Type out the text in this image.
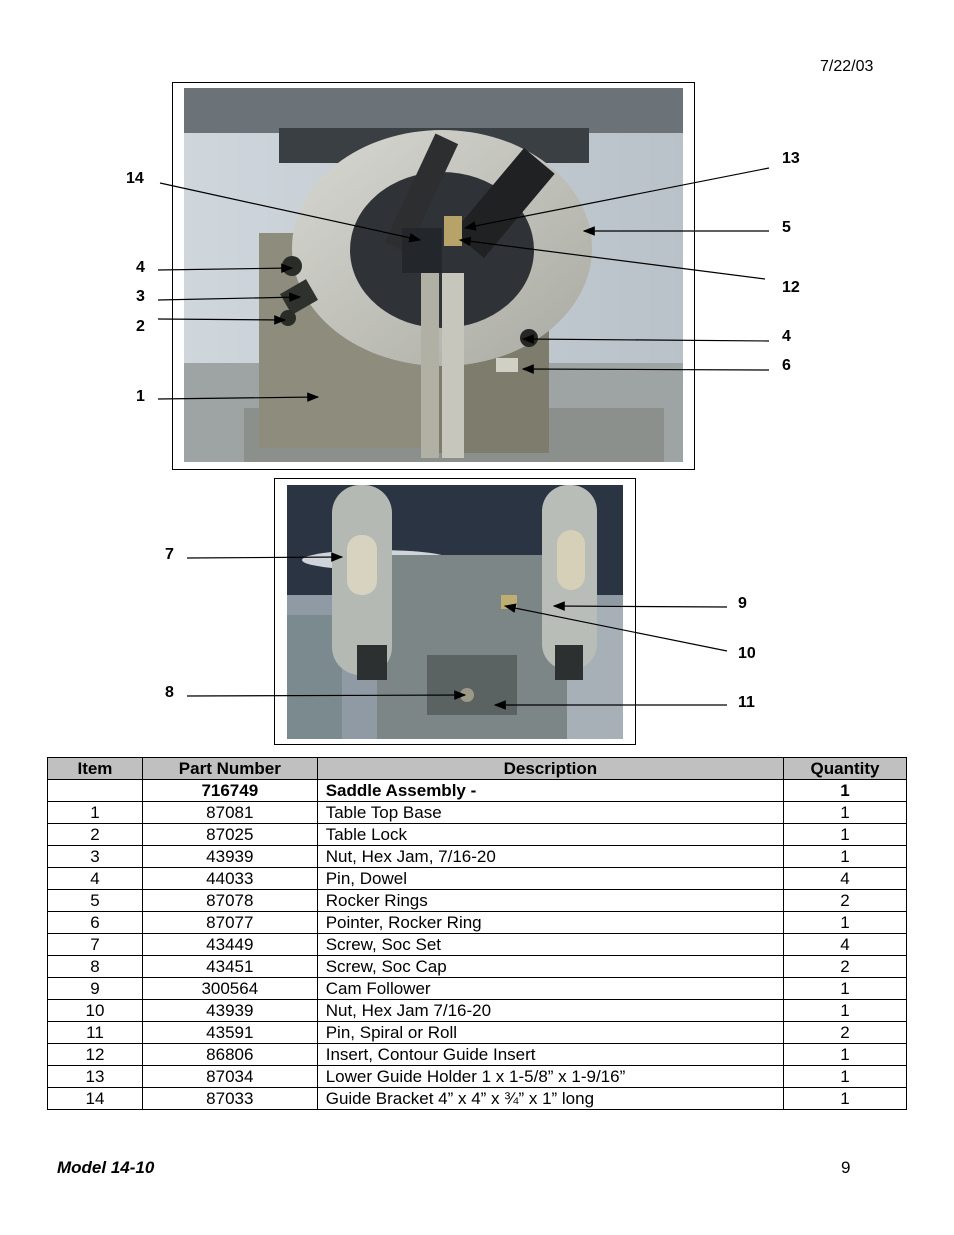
7/22/03
14
4
3
2
1
13
5
12
4
6
7
8
9
10
11
Item	Part Number	Description	Quantity
	716749	Saddle Assembly -	1
1	87081	Table Top Base	1
2	87025	Table Lock	1
3	43939	Nut, Hex Jam, 7/16-20	1
4	44033	Pin, Dowel	4
5	87078	Rocker Rings	2
6	87077	Pointer, Rocker Ring	1
7	43449	Screw, Soc Set	4
8	43451	Screw, Soc Cap	2
9	300564	Cam Follower	1
10	43939	Nut, Hex Jam 7/16-20	1
11	43591	Pin, Spiral or Roll	2
12	86806	Insert, Contour Guide Insert	1
13	87034	Lower Guide Holder 1 x 1-5/8” x 1-9/16”	1
14	87033	Guide Bracket 4” x 4” x ¾” x 1” long	1
Model 14-10	9
